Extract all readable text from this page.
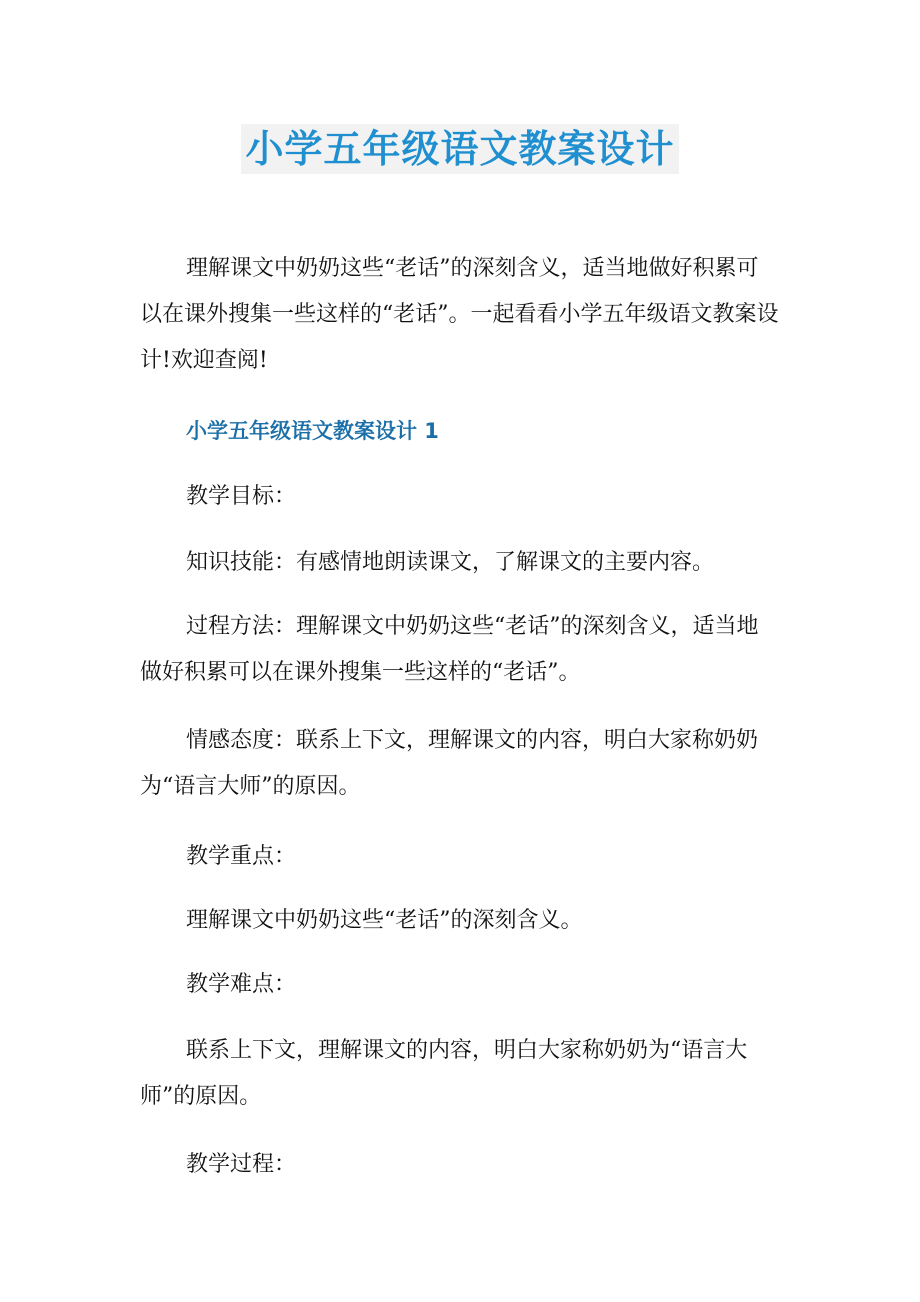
小学五年级语文教案设计

理解课文中奶奶这些“老话”的深刻含义，适当地做好积累可以在课外搜集一些这样的“老话”。一起看看小学五年级语文教案设计!欢迎查阅!

小学五年级语文教案设计 1

教学目标：

知识技能：有感情地朗读课文，了解课文的主要内容。

过程方法：理解课文中奶奶这些“老话”的深刻含义，适当地做好积累可以在课外搜集一些这样的“老话”。

情感态度：联系上下文，理解课文的内容，明白大家称奶奶为“语言大师”的原因。

教学重点：

理解课文中奶奶这些“老话”的深刻含义。

教学难点：

联系上下文，理解课文的内容，明白大家称奶奶为“语言大师”的原因。

教学过程：
